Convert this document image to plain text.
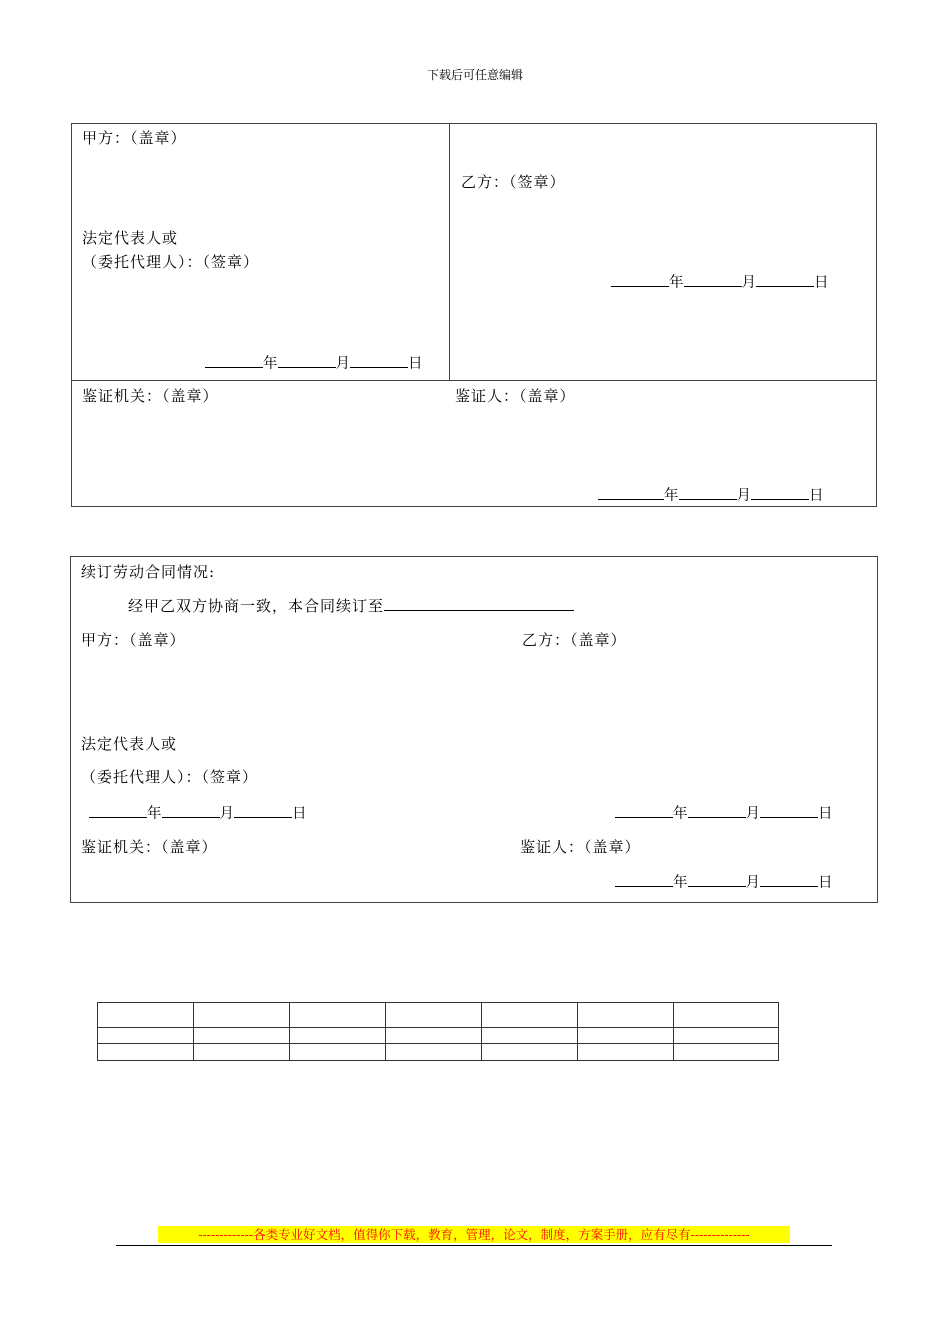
下载后可任意编辑
甲方：（盖章）
法定代表人或
（委托代理人）：（签章）
年	月	日
乙方：（签章）
年	月	日
鉴证机关：（盖章）	鉴证人：（盖章）
年	月	日
续订劳动合同情况:
经甲乙双方协商一致，本合同续订至
甲方：（盖章）	乙方：（盖章）
法定代表人或
（委托代理人）：（签章）
年	月	日	年	月	日
鉴证机关：（盖章）	鉴证人：（盖章）
年	月	日

-------------各类专业好文档，值得你下载，教育，管理，论文，制度，方案手册，应有尽有--------------
